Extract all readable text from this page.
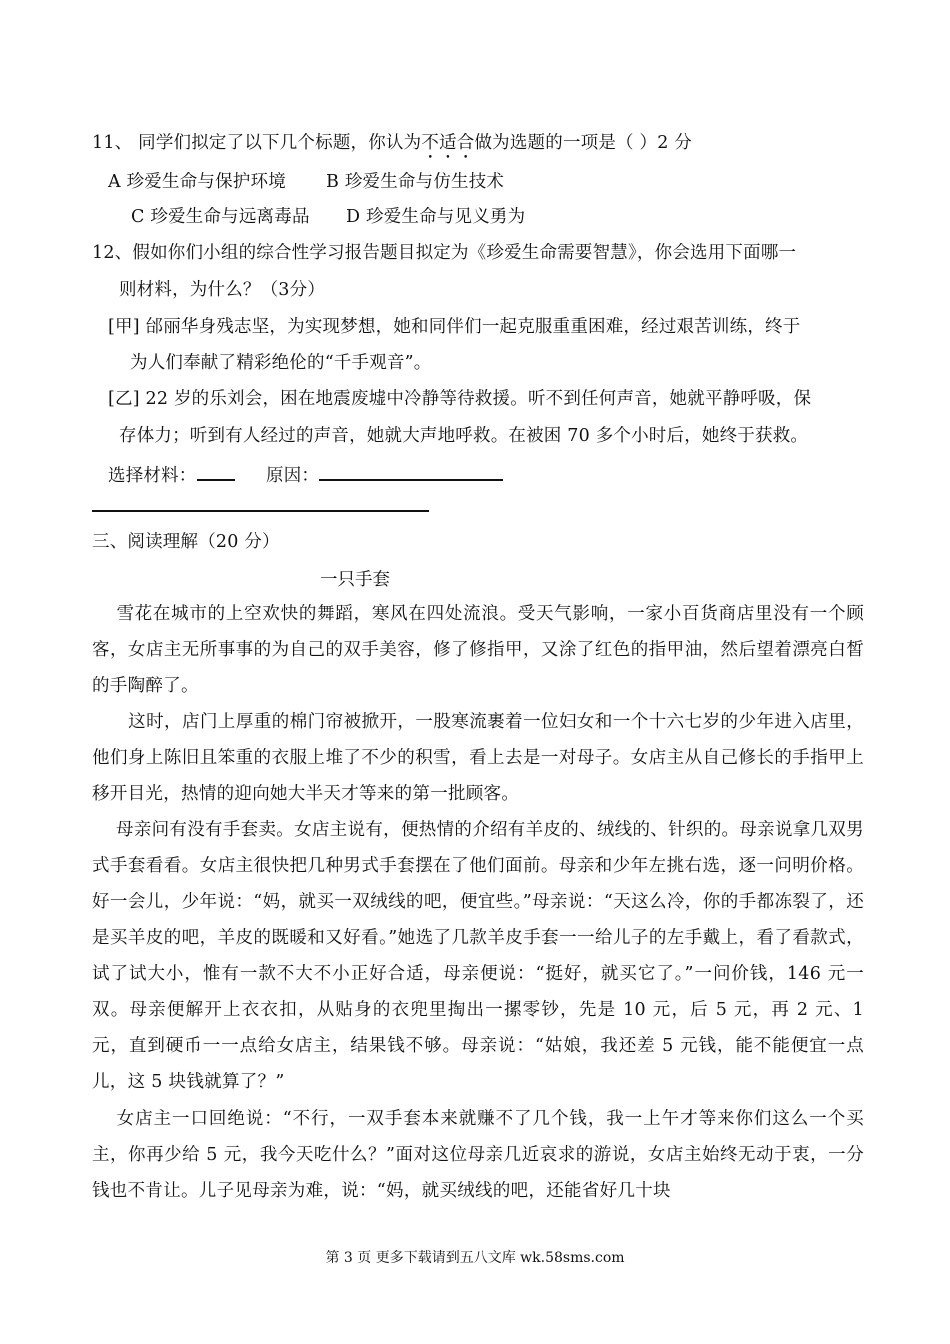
11、 同学们拟定了以下几个标题，你认为不适合做为选题的一项是（ ）2 分
A 珍爱生命与保护环境 B 珍爱生命与仿生技术
C 珍爱生命与远离毒品 D 珍爱生命与见义勇为
12、假如你们小组的综合性学习报告题目拟定为《珍爱生命需要智慧》，你会选用下面哪一
则材料，为什么？（3分）
[甲] 邰丽华身残志坚，为实现梦想，她和同伴们一起克服重重困难，经过艰苦训练，终于
为人们奉献了精彩绝伦的“千手观音”。
[乙] 22 岁的乐刘会，困在地震废墟中冷静等待救援。听不到任何声音，她就平静呼吸，保
存体力；听到有人经过的声音，她就大声地呼救。在被困 70 多个小时后，她终于获救。
选择材料：	原因：
三、阅读理解（20 分）
一只手套
雪花在城市的上空欢快的舞蹈，寒风在四处流浪。受天气影响，一家小百货商店里没有一个顾客，女店主无所事事的为自己的双手美容，修了修指甲，又涂了红色的指甲油，然后望着漂亮白皙的手陶醉了。
这时，店门上厚重的棉门帘被掀开，一股寒流裹着一位妇女和一个十六七岁的少年进入店里，他们身上陈旧且笨重的衣服上堆了不少的积雪，看上去是一对母子。女店主从自己修长的手指甲上移开目光，热情的迎向她大半天才等来的第一批顾客。
母亲问有没有手套卖。女店主说有，便热情的介绍有羊皮的、绒线的、针织的。母亲说拿几双男式手套看看。女店主很快把几种男式手套摆在了他们面前。母亲和少年左挑右选，逐一问明价格。好一会儿，少年说：“妈，就买一双绒线的吧，便宜些。”母亲说：“天这么冷，你的手都冻裂了，还是买羊皮的吧，羊皮的既暖和又好看。”她选了几款羊皮手套一一给儿子的左手戴上，看了看款式，试了试大小，惟有一款不大不小正好合适，母亲便说：“挺好，就买它了。”一问价钱，146 元一双。母亲便解开上衣衣扣，从贴身的衣兜里掏出一摞零钞，先是 10 元，后 5 元，再 2 元、1 元，直到硬币一一点给女店主，结果钱不够。母亲说：“姑娘，我还差 5 元钱，能不能便宜一点儿，这 5 块钱就算了？”
女店主一口回绝说：“不行，一双手套本来就赚不了几个钱，我一上午才等来你们这么一个买主，你再少给 5 元，我今天吃什么？”面对这位母亲几近哀求的游说，女店主始终无动于衷，一分钱也不肯让。儿子见母亲为难，说：“妈，就买绒线的吧，还能省好几十块
第 3 页 更多下载请到五八文库 wk.58sms.com
